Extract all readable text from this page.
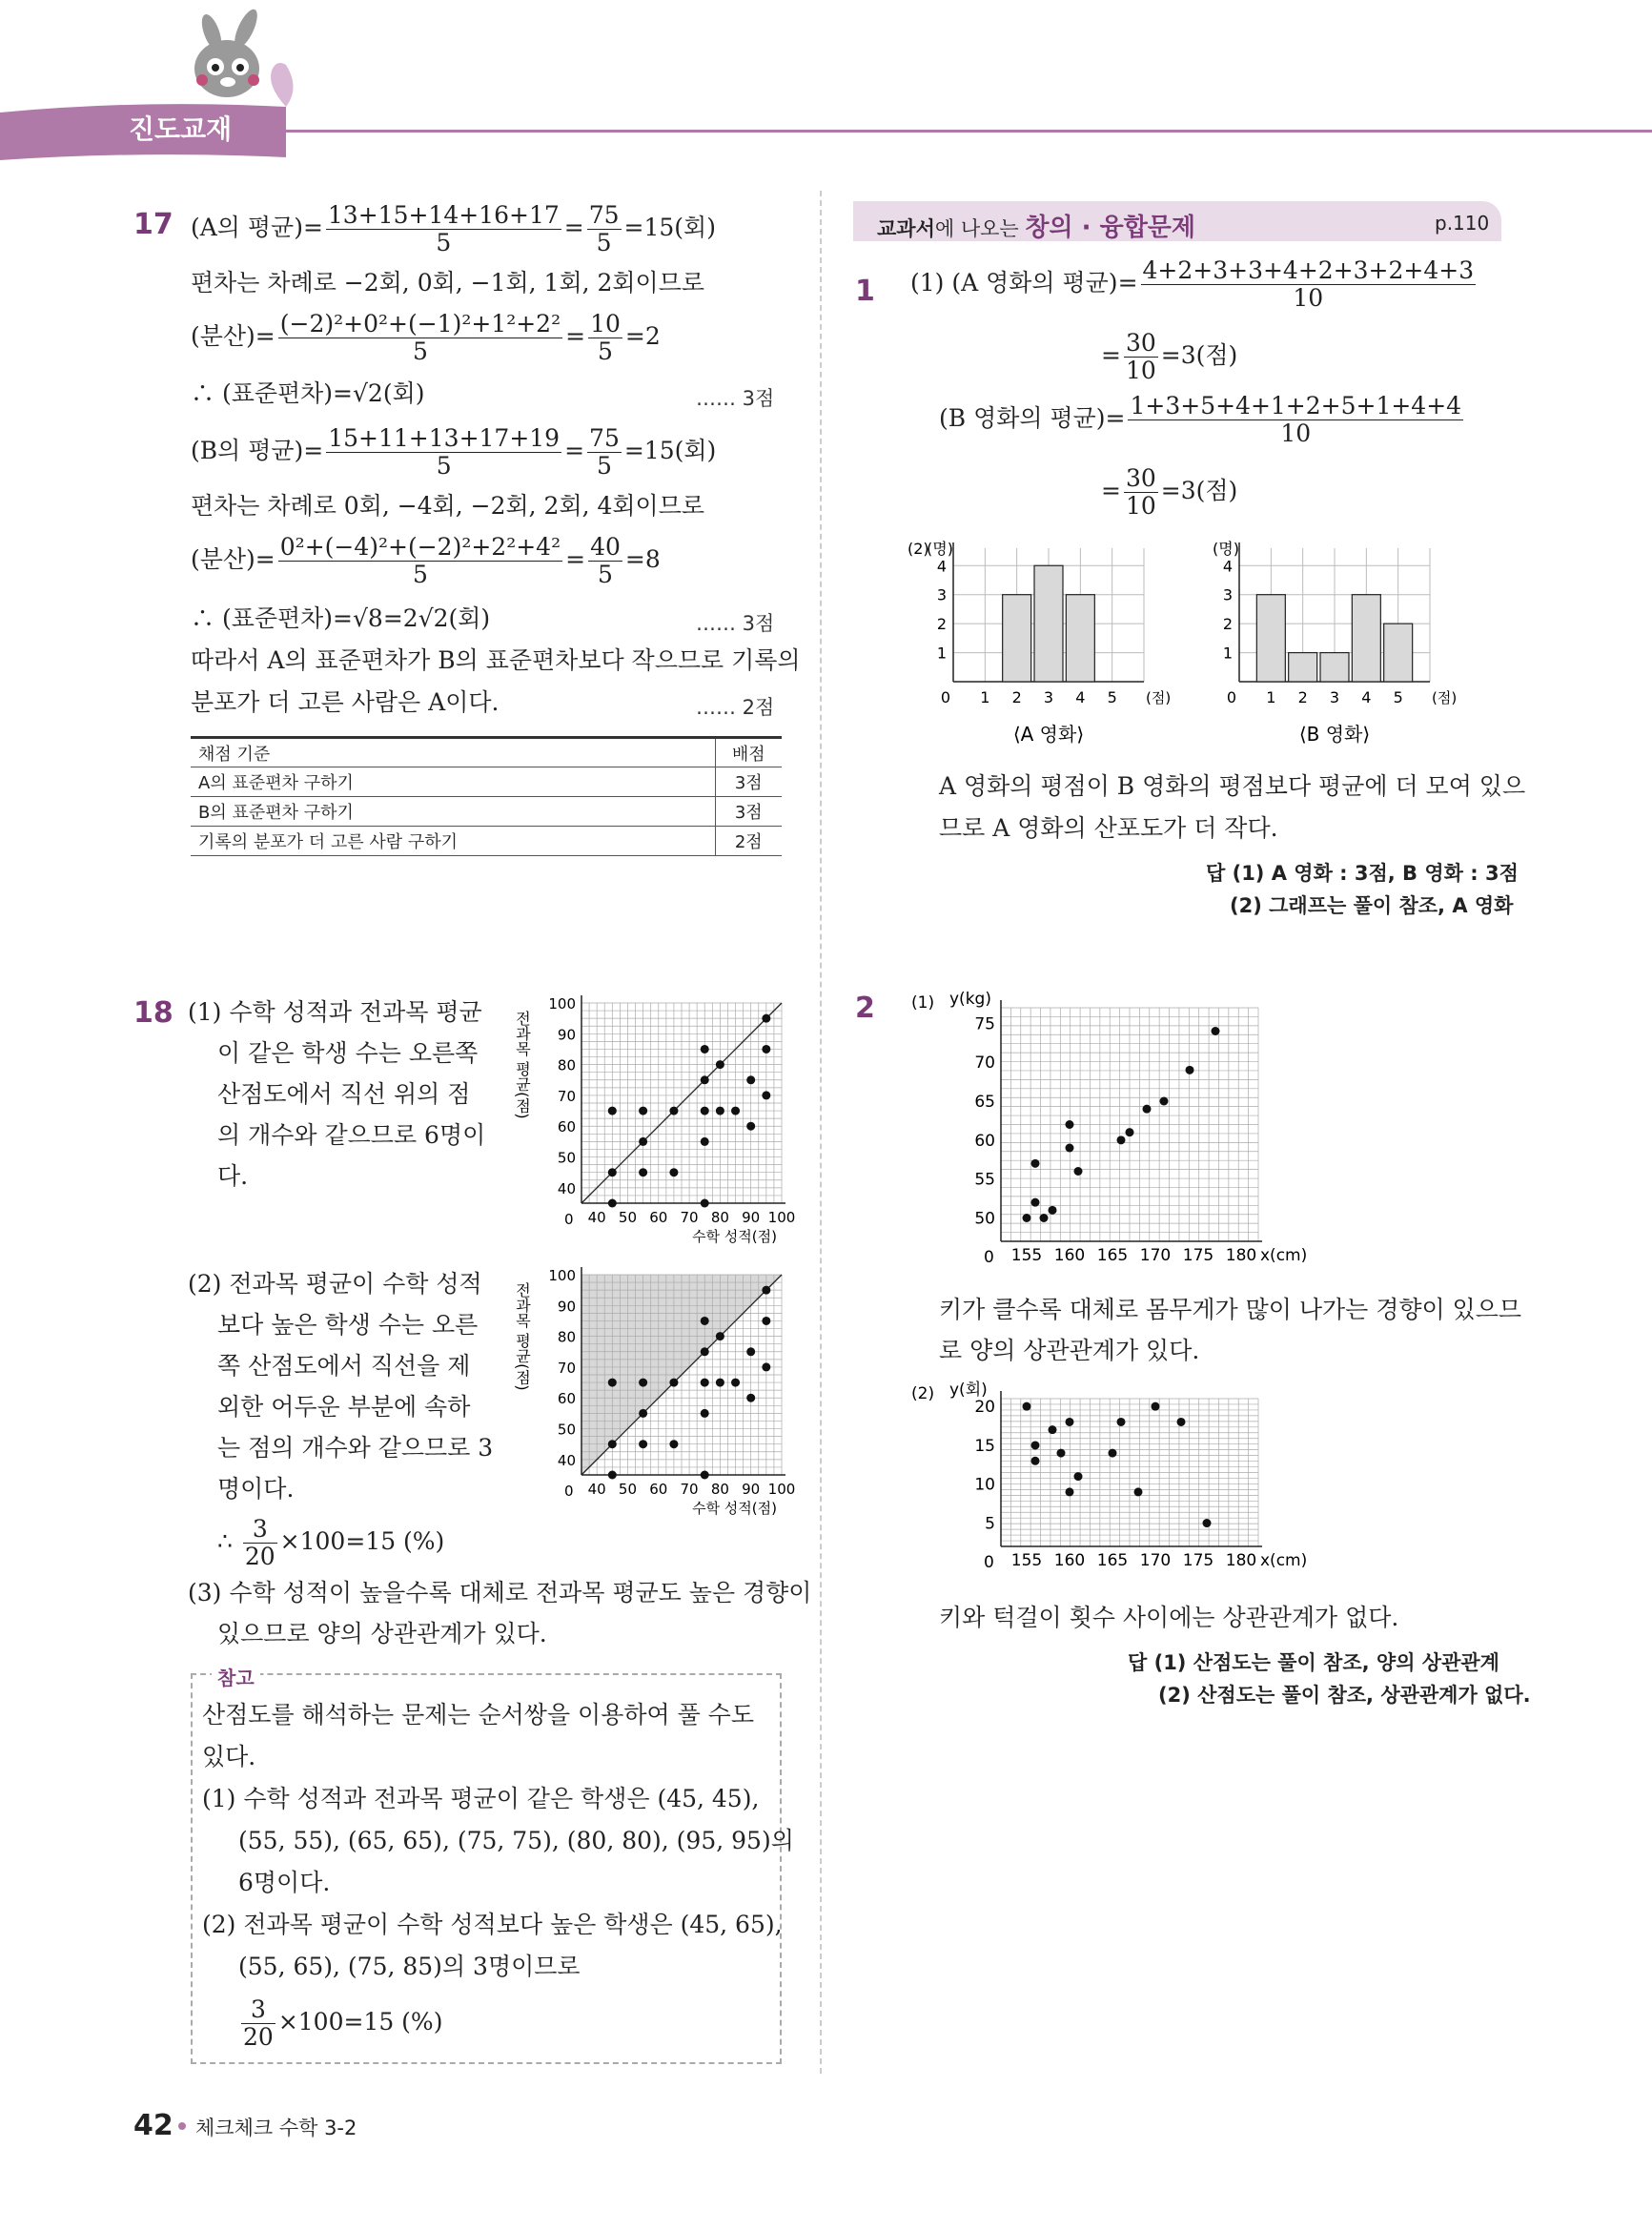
진도교재
17 (A의 평균)= $\frac{13+15+14+16+17}{5} = \frac{75}{5} =15$(회)
편차는 차례로 −2회, 0회, −1회, 1회, 2회이므로
(분산)= $\frac{\text{(−2)²+0²+(−1)²+1²+2²}}{5} = \frac{10}{5} =2$
∴ (표준편차)=√2(회)	…… 3점
(B의 평균)= $\frac{15+11+13+17+19}{5} = \frac{75}{5} =15$(회)
편차는 차례로 0회, −4회, −2회, 2회, 4회이므로
(분산)= $\frac{\text{0²+(−4)²+(−2)²+2²+4²}}{5} = \frac{40}{5} =8$
∴ (표준편차)=√8=2√2(회)	…… 3점
따라서 A의 표준편차가 B의 표준편차보다 작으므로 기록의
분포가 더 고른 사람은 A이다.	…… 2점
채점 기준	배점
A의 표준편차 구하기	3점
B의 표준편차 구하기	3점
기록의 분포가 더 고른 사람 구하기	2점
18 (1) 수학 성적과 전과목 평균
이 같은 학생 수는 오른쪽
산점도에서 직선 위의 점
의 개수와 같으므로 6명이
다.
40 50 60 70 80 90 100
40
50
60
70
80
90
100
0
전과목 평균(점)
수학 성적(점)
(2) 전과목 평균이 수학 성적
보다 높은 학생 수는 오른
쪽 산점도에서 직선을 제
외한 어두운 부분에 속하
는 점의 개수와 같으므로 3
명이다.	40 50 60 70 80 90 100
40
50
60
70
80
90
100
0
전과목 평균(점)
수학 성적(점)
∴ $\frac{3}{20} \times 100=15$ (%)
(3) 수학 성적이 높을수록 대체로 전과목 평균도 높은 경향이
있으므로 양의 상관관계가 있다.
참고
산점도를 해석하는 문제는 순서쌍을 이용하여 풀 수도
있다.
(1) 수학 성적과 전과목 평균이 같은 학생은 (45, 45),
(55, 55), (65, 65), (75, 75), (80, 80), (95, 95)의
6명이다.
(2) 전과목 평균이 수학 성적보다 높은 학생은 (45, 65),
(55, 65), (75, 85)의 3명이므로
$\frac{3}{20} \times 100=15$ (%)
교과서에 나오는 창의 · 융합문제	p.110
1 (1) (A 영화의 평균)= $\frac{4+2+3+3+4+2+3+2+4+3}{10}$
= $\frac{30}{10} =3$(점)
(B 영화의 평균)= $\frac{1+3+5+4+1+2+5+1+4+4}{10}$
= $\frac{30}{10} =3$(점)
(2)
(명)
1
2
3
4
0 1 2 3 4 5 (점)
⟨A 영화⟩
(명)
1
2
3
4
0 1 2 3 4 5 (점)
⟨B 영화⟩
A 영화의 평점이 B 영화의 평점보다 평균에 더 모여 있으
므로 A 영화의 산포도가 더 작다.
답 (1) A 영화 : 3점, B 영화 : 3점
(2) 그래프는 풀이 참조, A 영화
2
155 160 165 170 175 180
50
55
60
65
70
75
0
(1) y(kg)
x(cm)
키가 클수록 대체로 몸무게가 많이 나가는 경향이 있으므
로 양의 상관관계가 있다.
155 160 165 170 175 180
5
10
15
20
0
(2) y(회)
x(cm)
키와 턱걸이 횟수 사이에는 상관관계가 없다.
답 (1) 산점도는 풀이 참조, 양의 상관관계
(2) 산점도는 풀이 참조, 상관관계가 없다.
42 체크체크 수학 3-2
